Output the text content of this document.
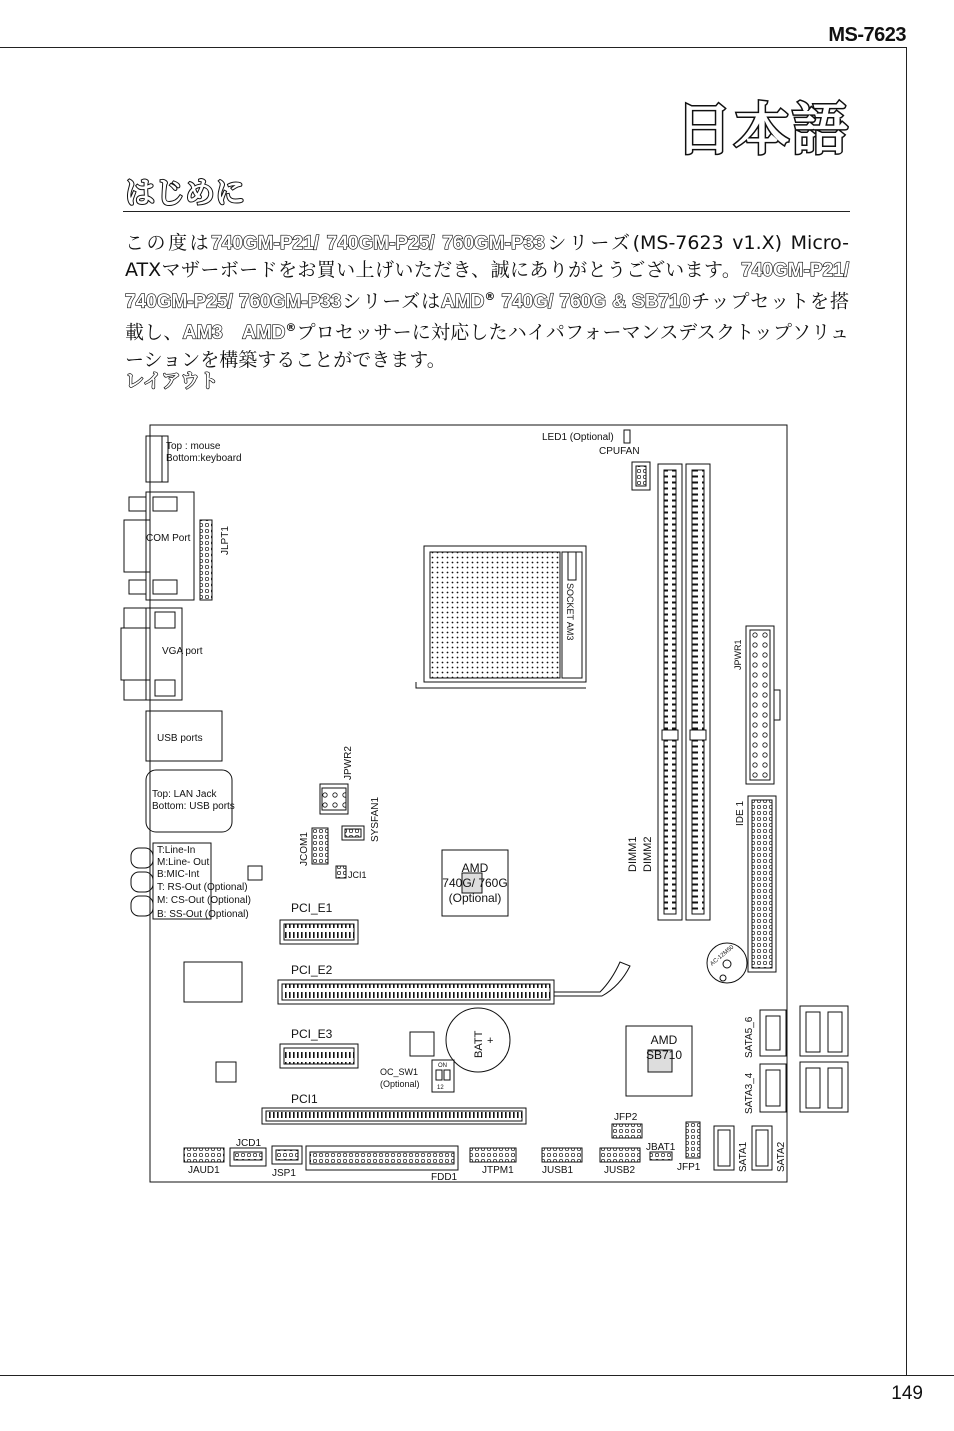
MS-7623
日本語
はじめに
この度は740GM-P21/ 740GM-P25/ 760GM-P33シリーズ(MS-7623 v1.X) Micro-ATXマザーボードをお買い上げいただき、誠にありがとうございます。740GM-P21/ 740GM-P25/ 760GM-P33シリーズはAMD® 740G/ 760G & SB710チップセットを搭載し、AM3　AMD®プロセッサーに対応したハイパフォーマンスデスクトップソリューションを構築することができます。
レイアウト
Top : mouse
Bottom:keyboard
COM Port	JLPT1
VGA port
USB ports
Top: LAN Jack
Bottom: USB ports
T:Line-In
M:Line- Out
B:MIC-Int
T: RS-Out (Optional)
M: CS-Out (Optional)
B: SS-Out (Optional)
LED1 (Optional)
CPUFAN
SOCKET AM3
JPWR1
JPWR2
SYSFAN1
JCOM1
JCI1	AMD
740G/ 760G
(Optional)
DIMM1 DIMM2
IDE 1
PCI_E1
PCI_E2
PCI_E3
PCI1
BATT +
OC_SW1
(Optional)
ON
12
AMD
SB710
AC-12M50
SATA5_6
SATA3_4
SATA1	SATA2
JFP2
JBAT1
JFP1
JCD1
JAUD1	JSP1	FDD1
JTPM1	JUSB1	JUSB2
149
